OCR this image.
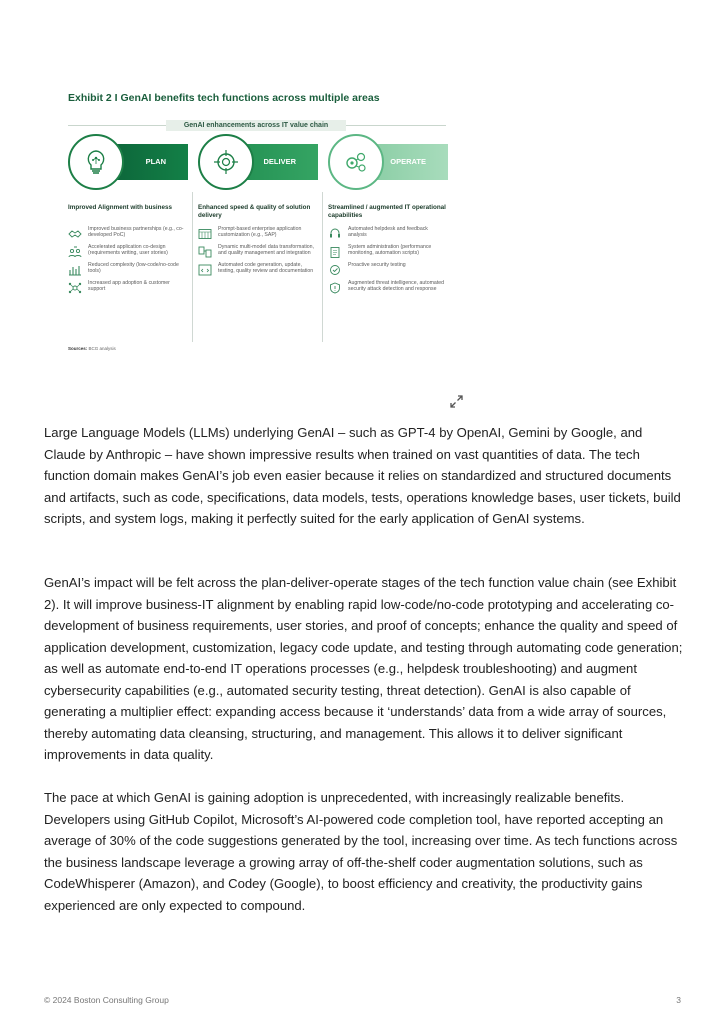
Exhibit 2 I GenAI benefits tech functions across multiple areas
GenAI enhancements across IT value chain
PLAN
Improved Alignment with business
Improved business partnerships (e.g., co-developed PoC)
Accelerated application co-design (requirements writing, user stories)
Reduced complexity (low-code/no-code tools)
Increased app adoption & customer support
DELIVER
Enhanced speed & quality of solution delivery
Prompt-based enterprise application customization (e.g., SAP)
Dynamic multi-model data transformation, and quality management and integration
Automated code generation, update, testing, quality review and documentation
OPERATE
Streamlined / augmented IT operational capabilities
Automated helpdesk and feedback analysis
System administration (performance monitoring, automation scripts)
Proactive security testing
Augmented threat intelligence, automated security attack detection and response
Sources: BCG analysis

Large Language Models (LLMs) underlying GenAI – such as GPT-4 by OpenAI, Gemini by Google, and Claude by Anthropic – have shown impressive results when trained on vast quantities of data. The tech function domain makes GenAI’s job even easier because it relies on standardized and structured documents and artifacts, such as code, specifications, data models, tests, operations knowledge bases, user tickets, build scripts, and system logs, making it perfectly suited for the early application of GenAI systems.

GenAI’s impact will be felt across the plan-deliver-operate stages of the tech function value chain (see Exhibit 2). It will improve business-IT alignment by enabling rapid low-code/no-code prototyping and accelerating co-development of business requirements, user stories, and proof of concepts; enhance the quality and speed of application development, customization, legacy code update, and testing through automating code generation; as well as automate end-to-end IT operations processes (e.g., helpdesk troubleshooting) and augment cybersecurity capabilities (e.g., automated security testing, threat detection). GenAI is also capable of generating a multiplier effect: expanding access because it ‘understands’ data from a wide array of sources, thereby automating data cleansing, structuring, and management. This allows it to deliver significant improvements in data quality.

The pace at which GenAI is gaining adoption is unprecedented, with increasingly realizable benefits. Developers using GitHub Copilot, Microsoft’s AI-powered code completion tool, have reported accepting an average of 30% of the code suggestions generated by the tool, increasing over time. As tech functions across the business landscape leverage a growing array of off-the-shelf coder augmentation solutions, such as CodeWhisperer (Amazon), and Codey (Google), to boost efficiency and creativity, the productivity gains experienced are only expected to compound.

© 2024 Boston Consulting Group	3
